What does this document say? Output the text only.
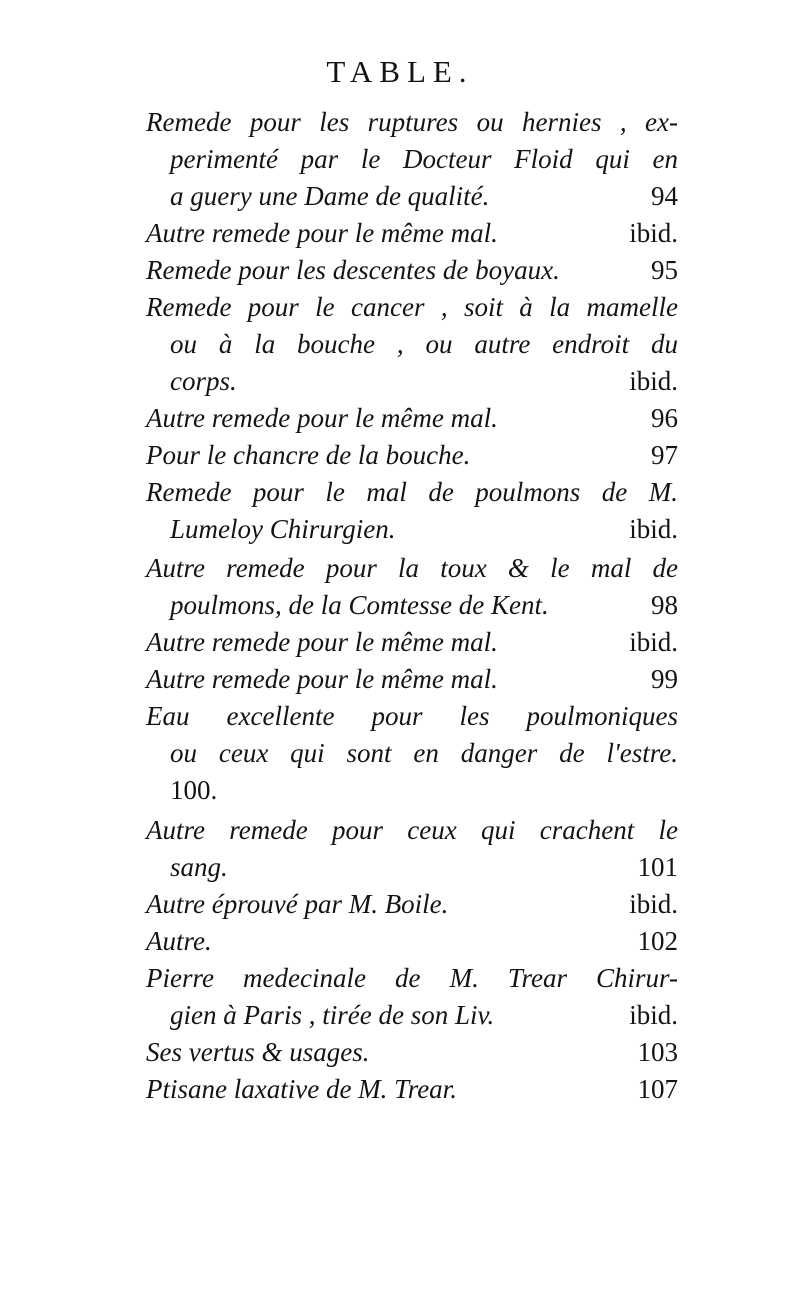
TABLE.
Remede pour les ruptures ou hernies , ex-
perimenté par le Docteur Floid qui en
a guery une Dame de qualité.	94
Autre remede pour le même mal.	ibid.
Remede pour les descentes de boyaux.	95
Remede pour le cancer , soit à la mamelle
ou à la bouche , ou autre endroit du
corps.	ibid.
Autre remede pour le même mal.	96
Pour le chancre de la bouche.	97
Remede pour le mal de poulmons de M.
Lumeloy Chirurgien.	ibid.
Autre remede pour la toux & le mal de
poulmons, de la Comtesse de Kent.	98
Autre remede pour le même mal.	ibid.
Autre remede pour le même mal.	99
Eau excellente pour les poulmoniques
ou ceux qui sont en danger de l'estre.
100.
Autre remede pour ceux qui crachent le
sang.	101
Autre éprouvé par M. Boile.	ibid.
Autre.	102
Pierre medecinale de M. Trear Chirur-
gien à Paris , tirée de son Liv.	ibid.
Ses vertus & usages.	103
Ptisane laxative de M. Trear.	107
